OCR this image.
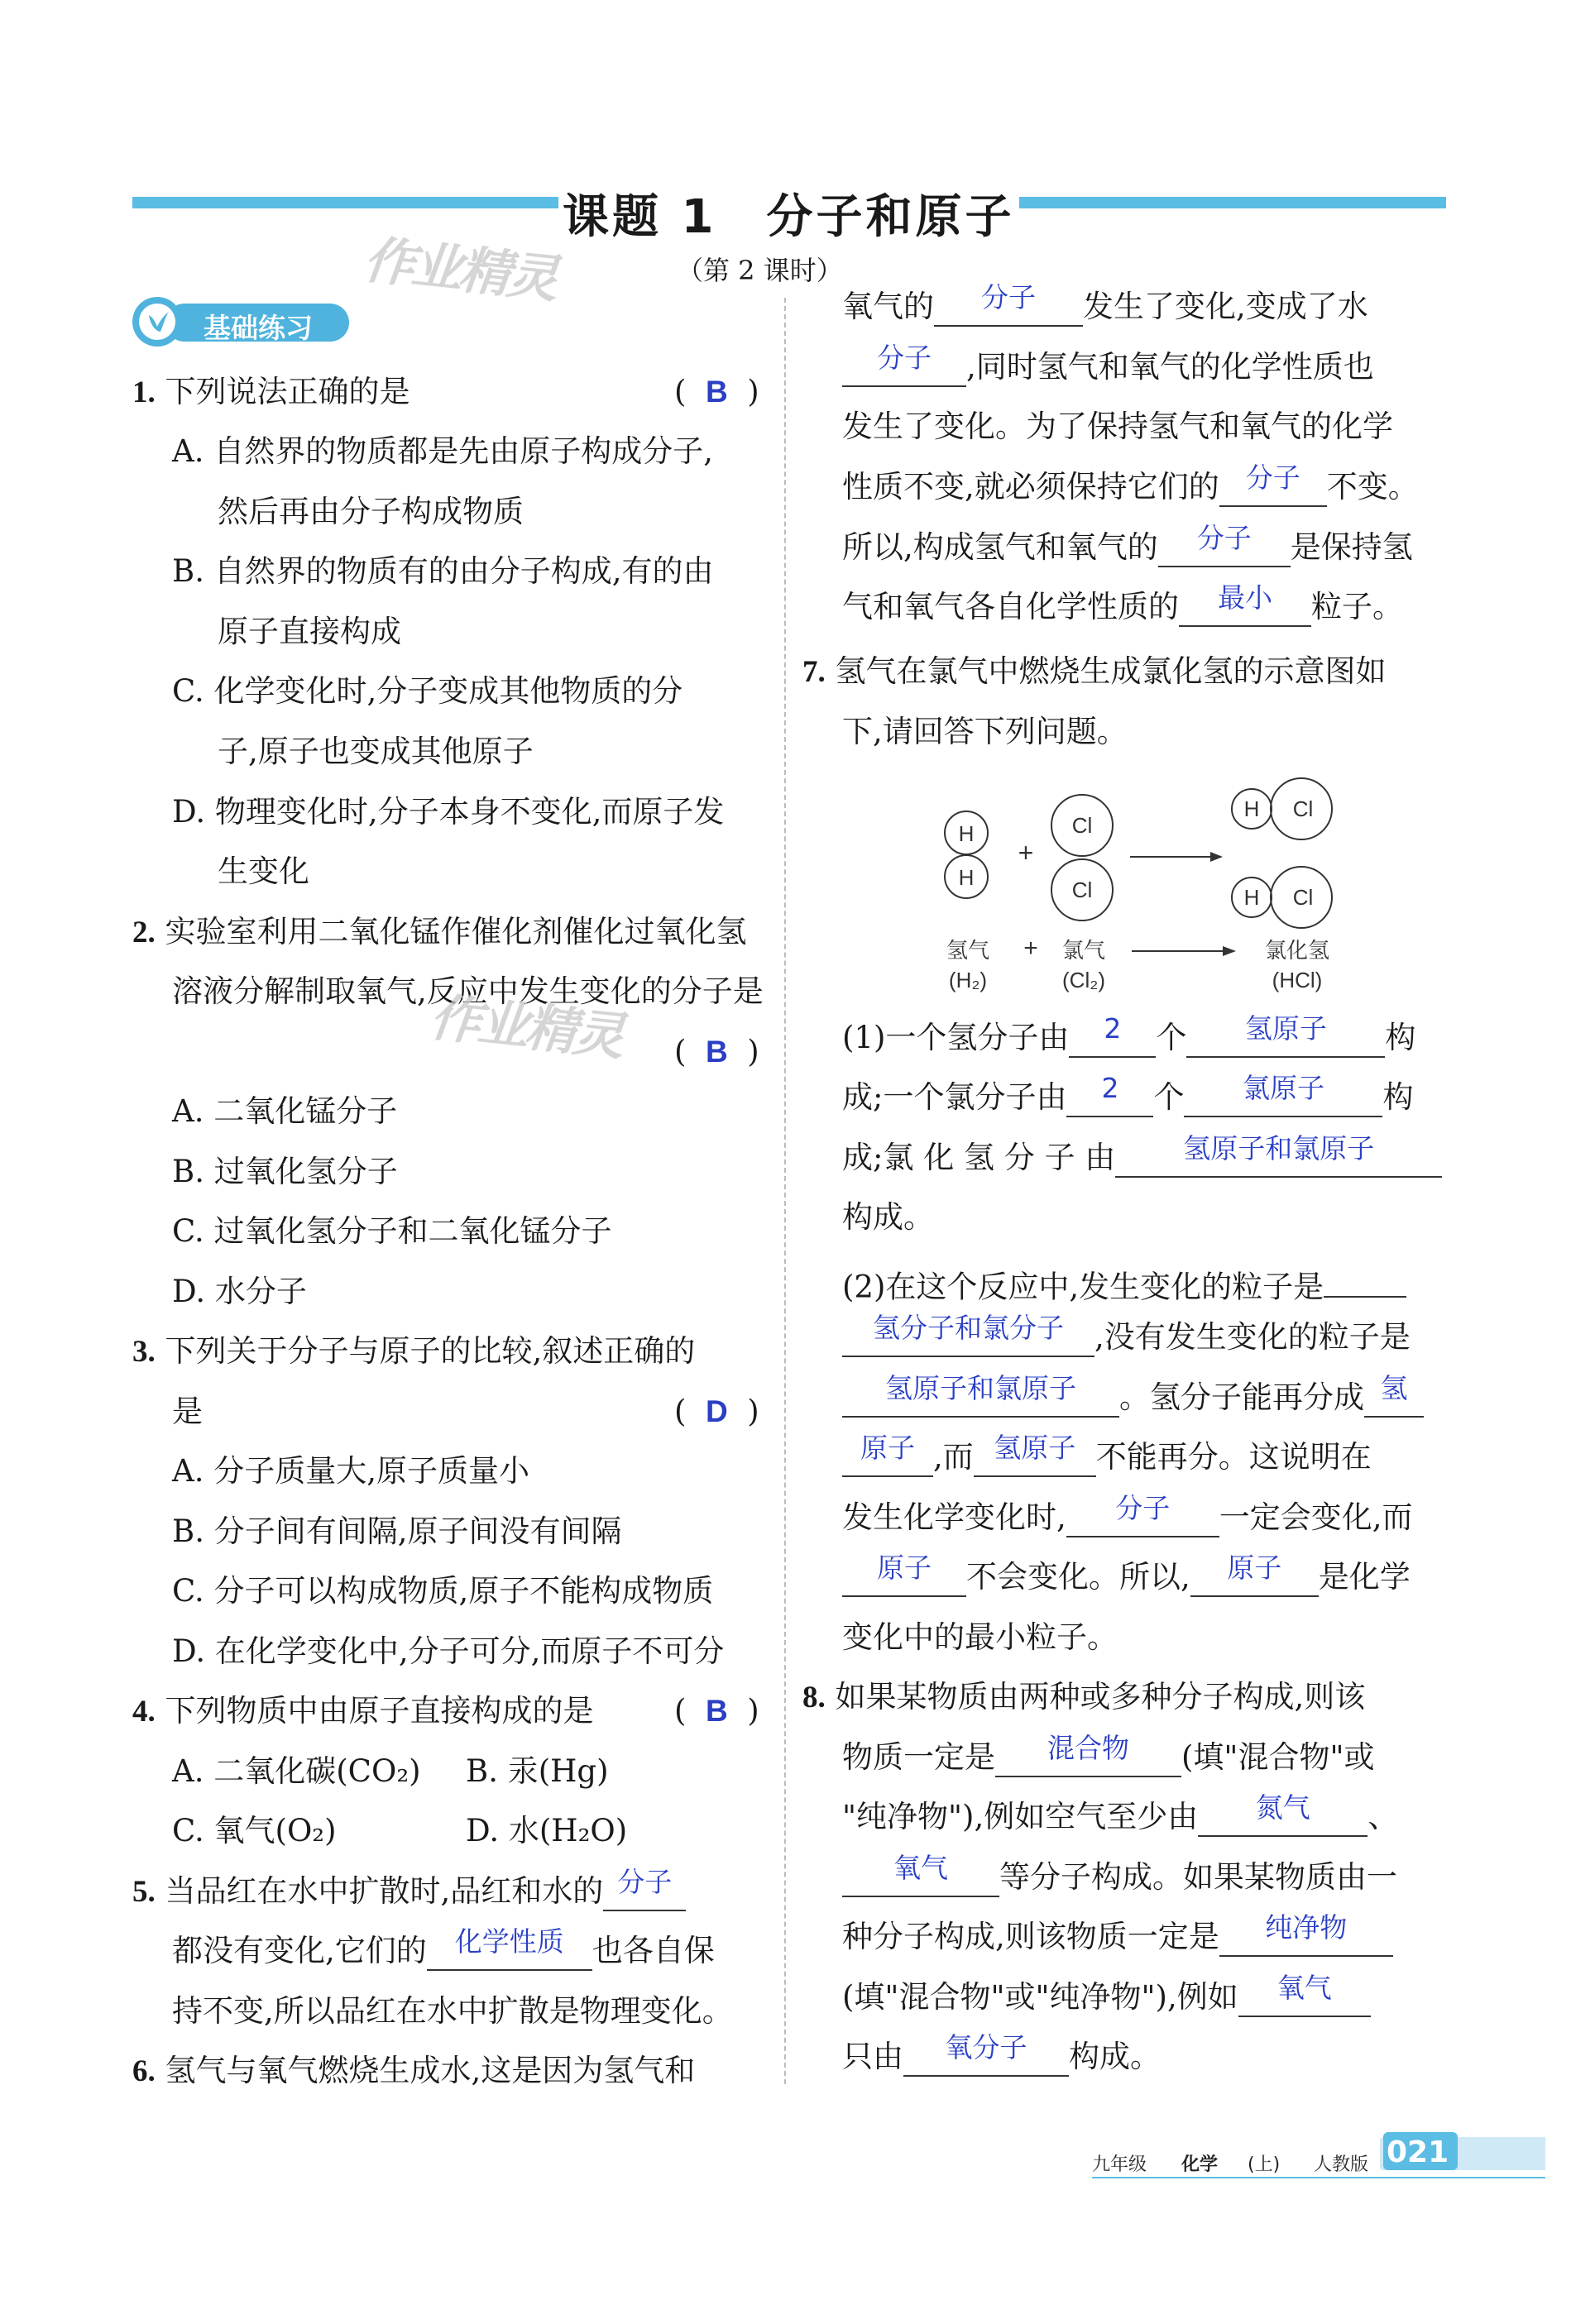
课题 1　分子和原子
（第 2 课时）
作业精灵
基础练习
1. 下列说法正确的是	(  B  )
A. 自然界的物质都是先由原子构成分子,
然后再由分子构成物质
B. 自然界的物质有的由分子构成,有的由
原子直接构成
C. 化学变化时,分子变成其他物质的分
子,原子也变成其他原子
D. 物理变化时,分子本身不变化,而原子发
生变化
2. 实验室利用二氧化锰作催化剂催化过氧化氢
溶液分解制取氧气,反应中发生变化的分子是
作业精灵 (  B  )
A. 二氧化锰分子
B. 过氧化氢分子
C. 过氧化氢分子和二氧化锰分子
D. 水分子
3. 下列关于分子与原子的比较,叙述正确的
是	(  D  )
A. 分子质量大,原子质量小
B. 分子间有间隔,原子间没有间隔
C. 分子可以构成物质,原子不能构成物质
D. 在化学变化中,分子可分,而原子不可分
4. 下列物质中由原子直接构成的是	(  B  )
A. 二氧化碳(CO₂) B. 汞(Hg)
C. 氧气(O₂)	D. 水(H₂O)
5. 当品红在水中扩散时,品红和水的 分子
都没有变化,它们的 化学性质 也各自保
持不变,所以品红在水中扩散是物理变化。
6. 氢气与氧气燃烧生成水,这是因为氢气和
氧气的 分子 发生了变化,变成了水
分子 ,同时氢气和氧气的化学性质也
发生了变化。为了保持氢气和氧气的化学
性质不变,就必须保持它们的 分子 不变。
所以,构成氢气和氧气的 分子 是保持氢
气和氧气各自化学性质的 最小 粒子。
7. 氢气在氯气中燃烧生成氯化氢的示意图如
下,请回答下列问题。
H
H
+
Cl
Cl
H Cl
H Cl
氢气
(H₂)
+ 氯气
(Cl₂)
氯化氢
(HCl)
(1)一个氢分子由 2 个 氢原子 构
成;一个氯分子由 2 个 氯原子 构
成;氯 化 氢 分 子 由 氢原子和氯原子
构成。
(2)在这个反应中,发生变化的粒子是
氢分子和氯分子 ,没有发生变化的粒子是
氢原子和氯原子 。氢分子能再分成 氢
原子 ,而 氢原子 不能再分。这说明在
发生化学变化时, 分子 一定会变化,而
原子 不会变化。所以, 原子 是化学
变化中的最小粒子。
8. 如果某物质由两种或多种分子构成,则该
物质一定是 混合物 (填"混合物"或
"纯净物"),例如空气至少由 氮气 、
氧气 等分子构成。如果某物质由一
种分子构成,则该物质一定是 纯净物
(填"混合物"或"纯净物"),例如 氧气
只由 氧分子 构成。
九年级 化学 (上) 人教版 021
